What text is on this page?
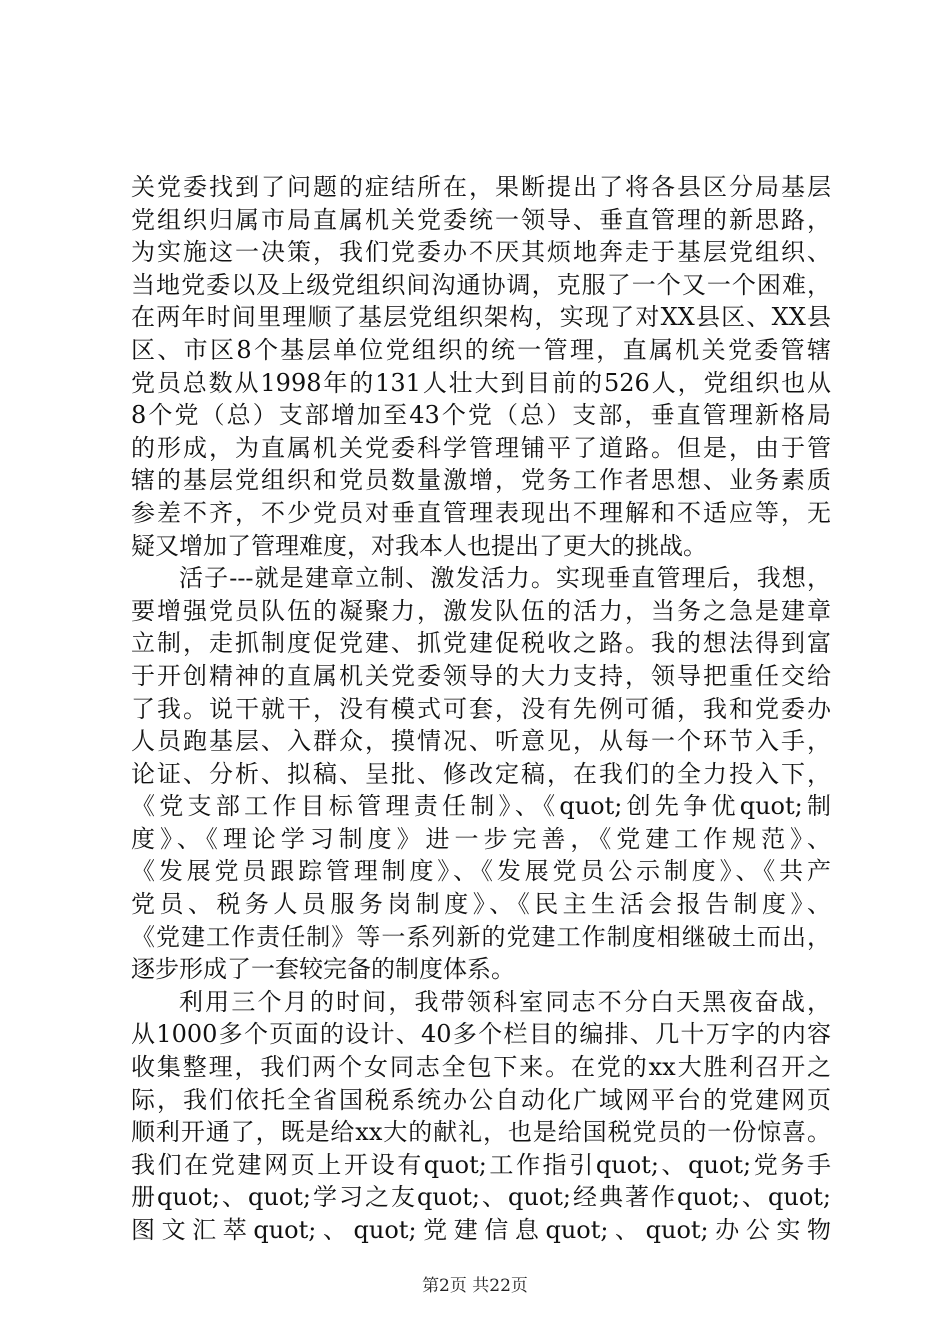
关党委找到了问题的症结所在，果断提出了将各县区分局基层
党组织归属市局直属机关党委统一领导、垂直管理的新思路，
为实施这一决策，我们党委办不厌其烦地奔走于基层党组织、
当地党委以及上级党组织间沟通协调，克服了一个又一个困难，
在两年时间里理顺了基层党组织架构，实现了对XX县区、XX县
区、市区8个基层单位党组织的统一管理，直属机关党委管辖
党员总数从1998年的131人壮大到目前的526人，党组织也从
8个党（总）支部增加至43个党（总）支部，垂直管理新格局
的形成，为直属机关党委科学管理铺平了道路。但是，由于管
辖的基层党组织和党员数量激增，党务工作者思想、业务素质
参差不齐，不少党员对垂直管理表现出不理解和不适应等，无
疑又增加了管理难度，对我本人也提出了更大的挑战。
活子---就是建章立制、激发活力。实现垂直管理后，我想，
要增强党员队伍的凝聚力，激发队伍的活力，当务之急是建章
立制，走抓制度促党建、抓党建促税收之路。我的想法得到富
于开创精神的直属机关党委领导的大力支持，领导把重任交给
了我。说干就干，没有模式可套，没有先例可循，我和党委办
人员跑基层、入群众，摸情况、听意见，从每一个环节入手，
论证、分析、拟稿、呈批、修改定稿，在我们的全力投入下，
《党支部工作目标管理责任制》、《quot;创先争优quot;制
度》、《理论学习制度》进一步完善，《党建工作规范》、
《发展党员跟踪管理制度》、《发展党员公示制度》、《共产
党员、税务人员服务岗制度》、《民主生活会报告制度》、
《党建工作责任制》等一系列新的党建工作制度相继破土而出，
逐步形成了一套较完备的制度体系。
利用三个月的时间，我带领科室同志不分白天黑夜奋战，
从1000多个页面的设计、40多个栏目的编排、几十万字的内容
收集整理，我们两个女同志全包下来。在党的xx大胜利召开之
际，我们依托全省国税系统办公自动化广域网平台的党建网页
顺利开通了，既是给xx大的献礼，也是给国税党员的一份惊喜。
我们在党建网页上开设有quot;工作指引quot;、quot;党务手
册quot;、quot;学习之友quot;、quot;经典著作quot;、quot;
图文汇萃quot;、quot;党建信息quot;、quot;办公实物
第2页 共22页
